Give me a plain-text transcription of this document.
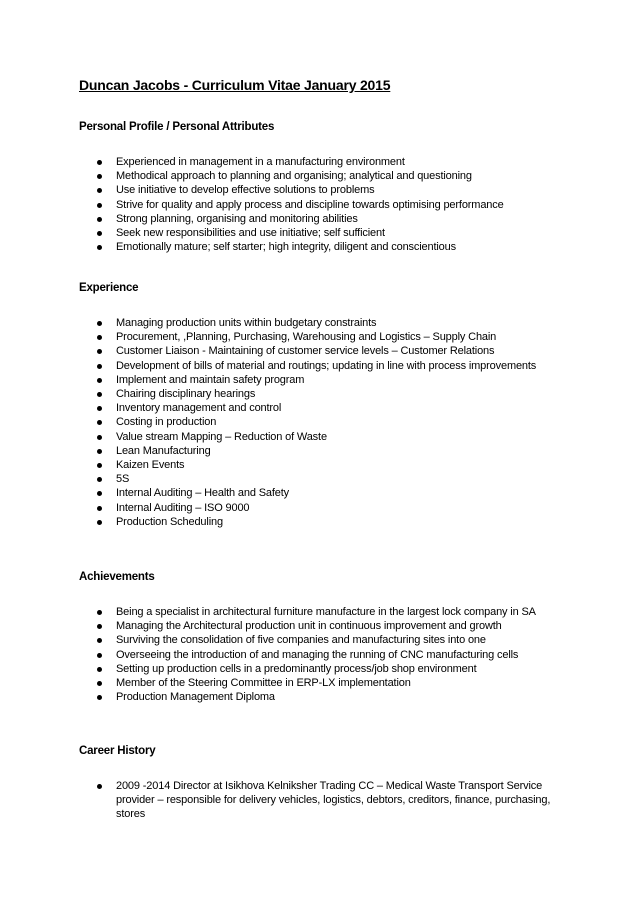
Duncan Jacobs - Curriculum Vitae January 2015
Personal Profile / Personal Attributes
Experienced in management in a manufacturing environment
Methodical approach to planning and organising; analytical and questioning
Use initiative to develop effective solutions to problems
Strive for quality and apply process and discipline towards optimising performance
Strong planning, organising and monitoring abilities
Seek new responsibilities and use initiative; self sufficient
Emotionally mature; self starter; high integrity, diligent and conscientious
Experience
Managing production units within budgetary constraints
Procurement, ,Planning, Purchasing, Warehousing and Logistics – Supply Chain
Customer Liaison - Maintaining of customer service levels – Customer Relations
Development of bills of material and routings; updating in line with process improvements
Implement and maintain safety program
Chairing disciplinary hearings
Inventory management and control
Costing in production
Value stream Mapping – Reduction of Waste
Lean Manufacturing
Kaizen Events
5S
Internal Auditing – Health and Safety
Internal Auditing – ISO 9000
Production Scheduling
Achievements
Being a specialist in architectural furniture manufacture in the largest lock company in SA
Managing the Architectural production unit in continuous improvement and growth
Surviving the consolidation of five companies and manufacturing sites into one
Overseeing the introduction of and managing the running of CNC manufacturing cells
Setting up production cells in a predominantly process/job shop environment
Member of the Steering Committee in ERP-LX implementation
Production Management Diploma
Career History
2009 -2014 Director at Isikhova Kelniksher Trading CC – Medical Waste Transport Service provider – responsible for delivery vehicles, logistics, debtors, creditors, finance, purchasing, stores
